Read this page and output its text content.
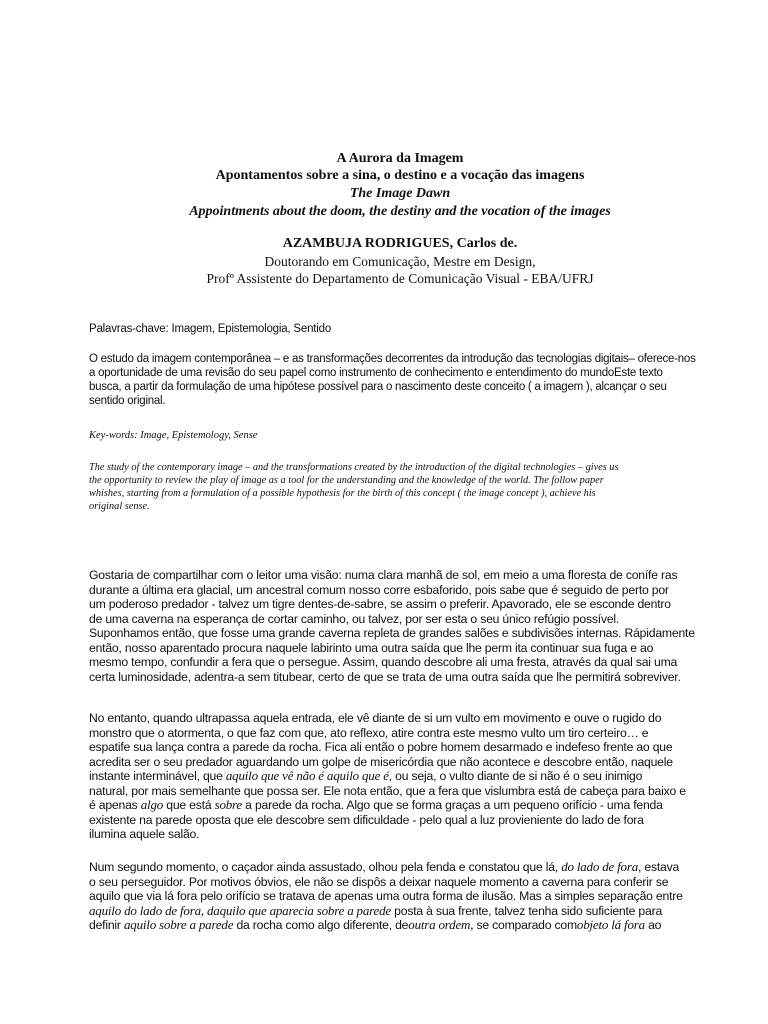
A Aurora da Imagem
Apontamentos sobre a sina, o destino e a vocação das imagens
The Image Dawn
Appointments about the doom, the destiny and the vocation of the images
AZAMBUJA RODRIGUES, Carlos de.
Doutorando em Comunicação, Mestre em Design,
Profº Assistente do Departamento de Comunicação Visual - EBA/UFRJ
Palavras-chave: Imagem, Epistemologia, Sentido
O estudo da imagem contemporânea – e as transformações decorrentes da introdução das tecnologias digitais– oferece-nos
a oportunidade de uma revisão do seu papel como instrumento de conhecimento e entendimento do mundoEste texto
busca, a partir da formulação de uma hipótese possível para o nascimento deste conceito ( a imagem ), alcançar o seu
sentido original.
Key-words: Image, Epistemology, Sense
The study of the contemporary image – and the transformations created by the introduction of the digital technologies – gives us
the opportunity to review the play of image as a tool for the understanding and the knowledge of the world. The follow paper
whishes, starting from a formulation of a possible hypothesis for the birth of this concept ( the image concept ), achieve his
original sense.
Gostaria de compartilhar com o leitor uma visão: numa clara manhã de sol, em meio a uma floresta de conífe ras
durante a última era glacial, um ancestral comum nosso corre esbaforido, pois sabe que é seguido de perto por
um poderoso predador - talvez um tigre dentes-de-sabre, se assim o preferir. Apavorado, ele se esconde dentro
de uma caverna na esperança de cortar caminho, ou talvez, por ser esta o seu único refúgio possível.
Suponhamos então, que fosse uma grande caverna repleta de grandes salões e subdivisões internas. Rápidamente
então, nosso aparentado procura naquele labirinto uma outra saída que lhe perm ita continuar sua fuga e ao
mesmo tempo, confundir a fera que o persegue. Assim, quando descobre ali uma fresta, através da qual sai uma
certa luminosidade, adentra-a sem titubear, certo de que se trata de uma outra saída que lhe permitirá sobreviver.
No entanto, quando ultrapassa aquela entrada, ele vê diante de si um vulto em movimento e ouve o rugido do
monstro que o atormenta, o que faz com que, ato reflexo, atire contra este mesmo vulto um tiro certeiro… e
espatife sua lança contra a parede da rocha. Fica ali então o pobre homem desarmado e indefeso frente ao que
acredita ser o seu predador aguardando um golpe de misericórdia que não acontece e descobre então, naquele
instante interminável, que aquilo que vê não é aquilo que é, ou seja, o vulto diante de si não é o seu inimigo
natural, por mais semelhante que possa ser. Ele nota então, que a fera que vislumbra está de cabeça para baixo e
é apenas algo que está sobre a parede da rocha. Algo que se forma graças a um pequeno orifício - uma fenda
existente na parede oposta que ele descobre sem dificuldade - pelo qual a luz provieniente do lado de fora
ilumina aquele salão.
Num segundo momento, o caçador ainda assustado, olhou pela fenda e constatou que lá, do lado de fora, estava
o seu perseguidor. Por motivos óbvios, ele não se dispôs a deixar naquele momento a caverna para conferir se
aquilo que via lá fora pelo orifício se tratava de apenas uma outra forma de ilusão. Mas a simples separação entre
aquilo do lado de fora, daquilo que aparecia sobre a parede posta à sua frente, talvez tenha sido suficiente para
definir aquilo sobre a parede da rocha como algo diferente, deoutra ordem, se comparado comobjeto lá fora ao
